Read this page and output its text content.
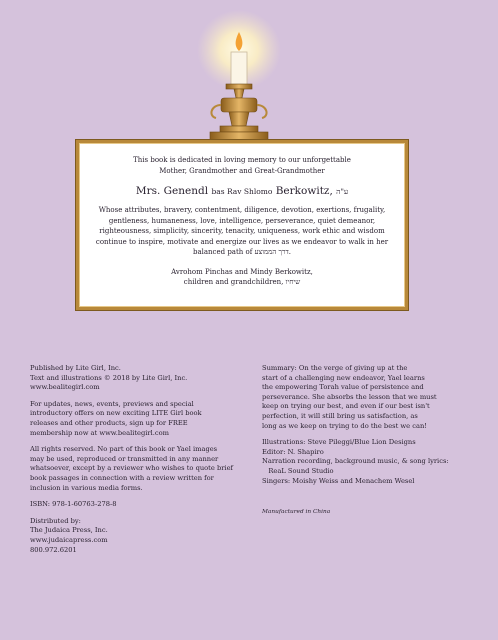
This book is dedicated in loving memory to our unforgettable

Mother, Grandmother and Great-Grandmother

Mrs. Genendl bas Rav Shlomo Berkowitz, ע"ה

Whose attributes, bravery, contentment, diligence, devotion, exertions, frugality,

gentleness, humaneness, love, intelligence, perseverance, quiet demeanor,

righteousness, simplicity, sincerity, tenacity, uniqueness, work ethic and wisdom

continue to inspire, motivate and energize our lives as we endeavor to walk in her

balanced path of דרך הממוצע.

Avrohom Pinchas and Mindy Berkowitz,

children and grandchildren, שיחיו

Published by Lite Girl, Inc.
Text and illustrations © 2018 by Lite Girl, Inc.
www.bealitegirl.com

For updates, news, events, previews and special
introductory offers on new exciting LITE Girl book
releases and other products, sign up for FREE
membership now at www.bealitegirl.com

All rights reserved. No part of this book or Yael images
may be used, reproduced or transmitted in any manner
whatsoever, except by a reviewer who wishes to quote brief
book passages in connection with a review written for
inclusion in various media forms.

ISBN: 978-1-60763-278-8

Distributed by:
The Judaica Press, Inc.
www.judaicapress.com
800.972.6201

Summary: On the verge of giving up at the
start of a challenging new endeavor, Yael learns
the empowering Torah value of persistence and
perseverance. She absorbs the lesson that we must
keep on trying our best, and even if our best isn't
perfection, it will still bring us satisfaction, as
long as we keep on trying to do the best we can!

Illustrations: Steve Pileggi/Blue Lion Designs
Editor: N. Shapiro
Narration recording, background music, & song lyrics:
ReaL Sound Studio
Singers: Moishy Weiss and Menachem Wesel

Manufactured in China
